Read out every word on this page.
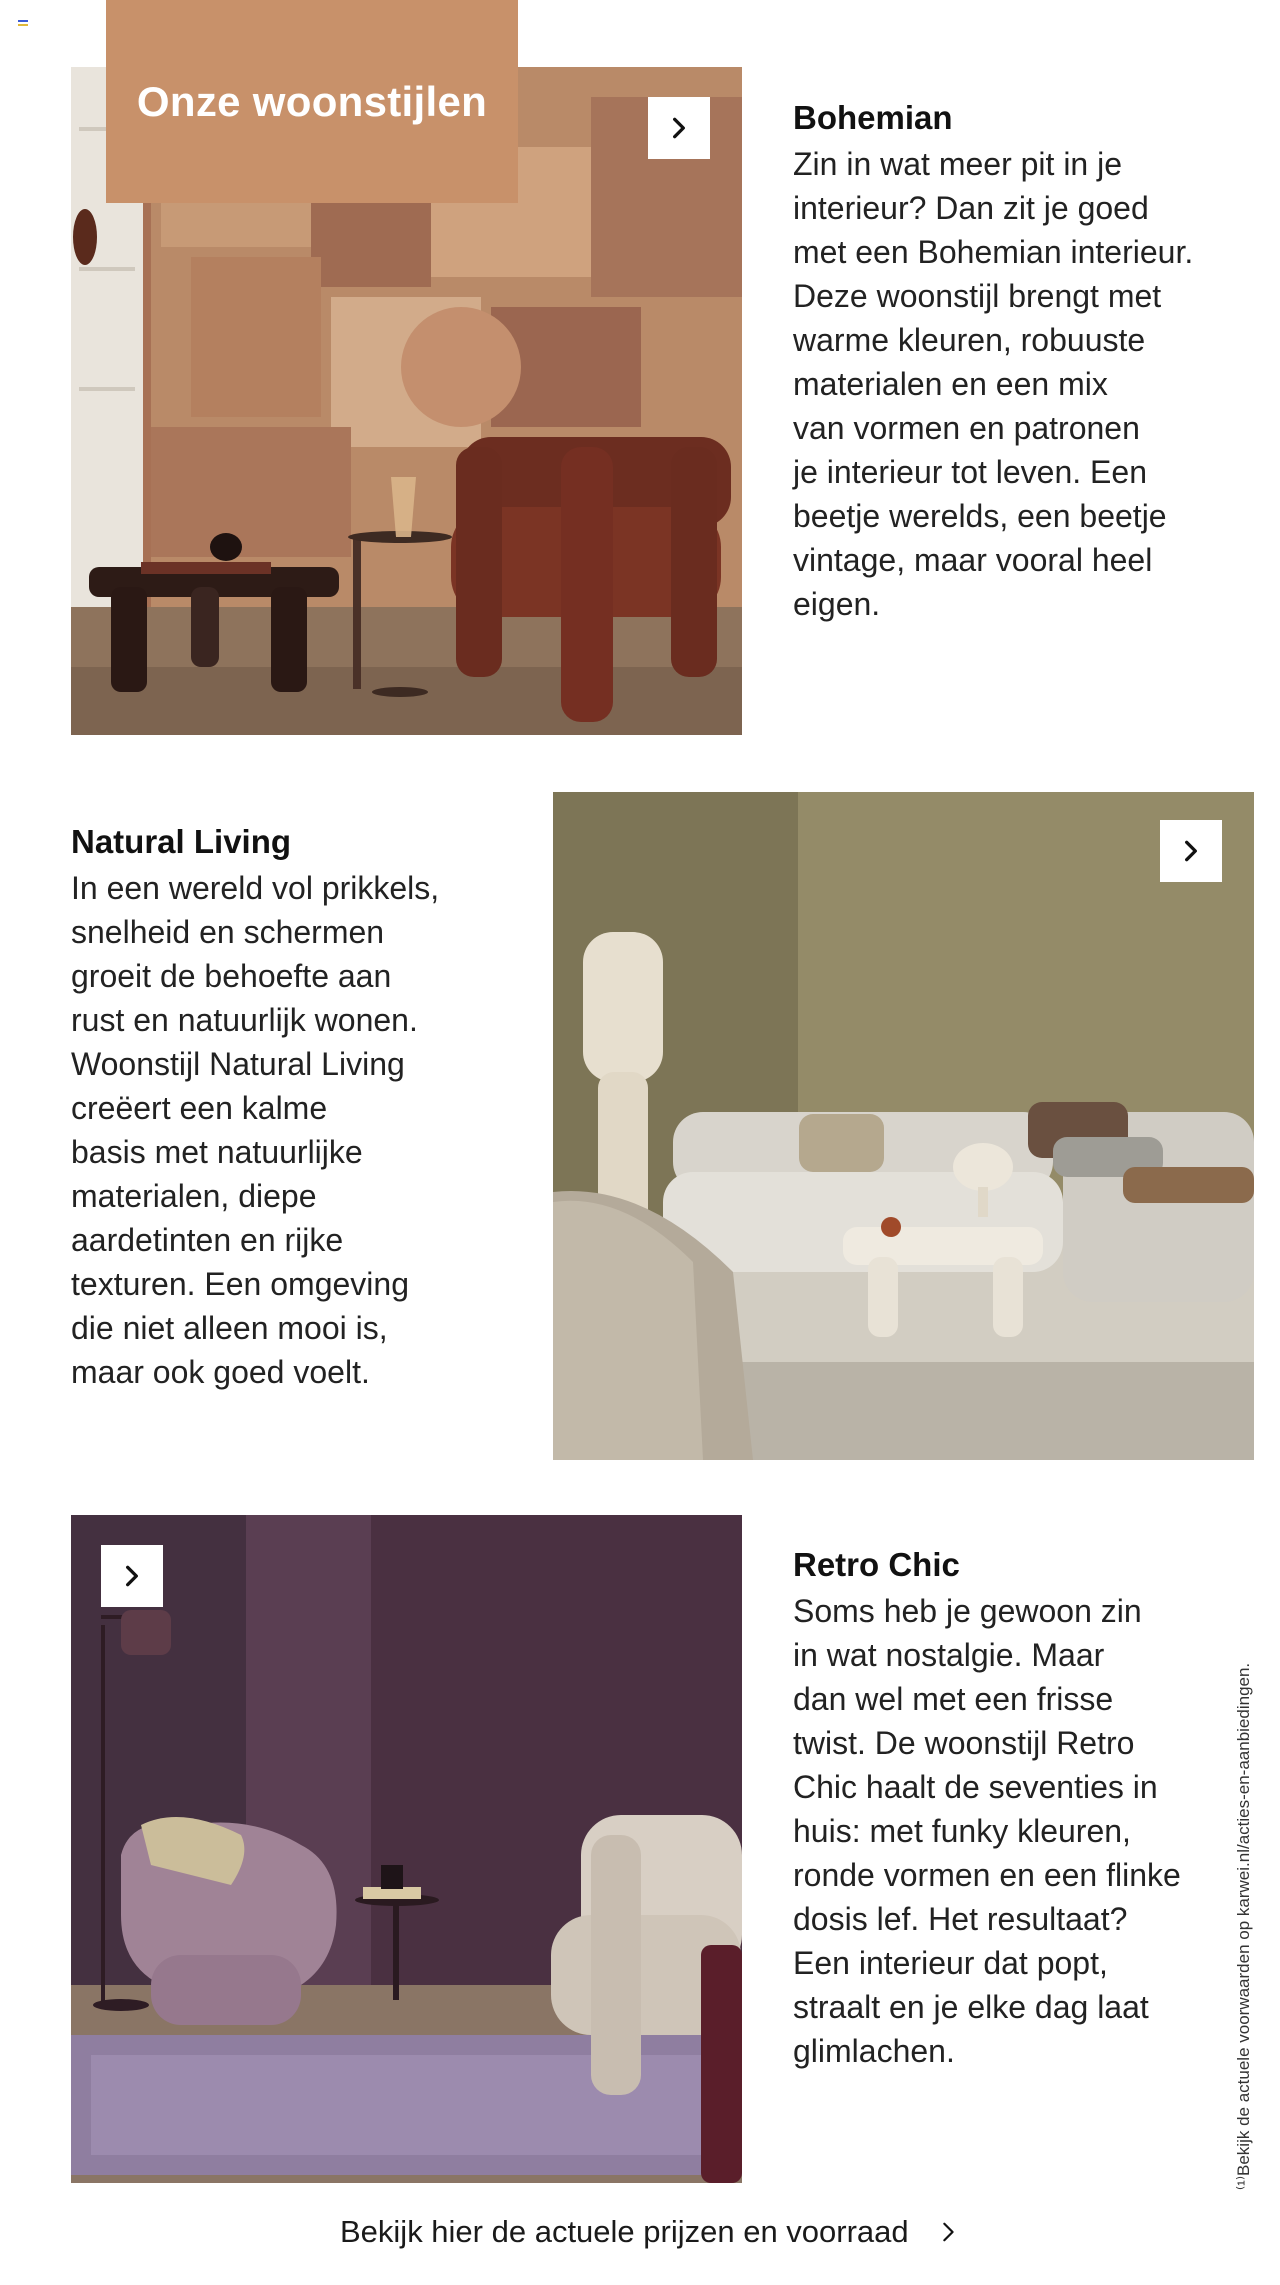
Onze woonstijlen	Bohemian

Zin in wat meer pit in je
interieur? Dan zit je goed
met een Bohemian interieur.
Deze woonstijl brengt met
warme kleuren, robuuste
materialen en een mix
van vormen en patronen
je interieur tot leven. Een
beetje werelds, een beetje
vintage, maar vooral heel
eigen.

Natural Living

In een wereld vol prikkels,
snelheid en schermen
groeit de behoefte aan
rust en natuurlijk wonen.
Woonstijl Natural Living
creëert een kalme
basis met natuurlijke
materialen, diepe
aardetinten en rijke
texturen. Een omgeving
die niet alleen mooi is,
maar ook goed voelt.

Retro Chic

Soms heb je gewoon zin
in wat nostalgie. Maar
dan wel met een frisse
twist. De woonstijl Retro
Chic haalt de seventies in
huis: met funky kleuren,
ronde vormen en een flinke
dosis lef. Het resultaat?
Een interieur dat popt,
straalt en je elke dag laat
glimlachen.	⁽¹⁾Bekijk de actuele voorwaarden op karwei.nl/acties-en-aanbiedingen.
Bekijk hier de actuele prijzen en voorraad
